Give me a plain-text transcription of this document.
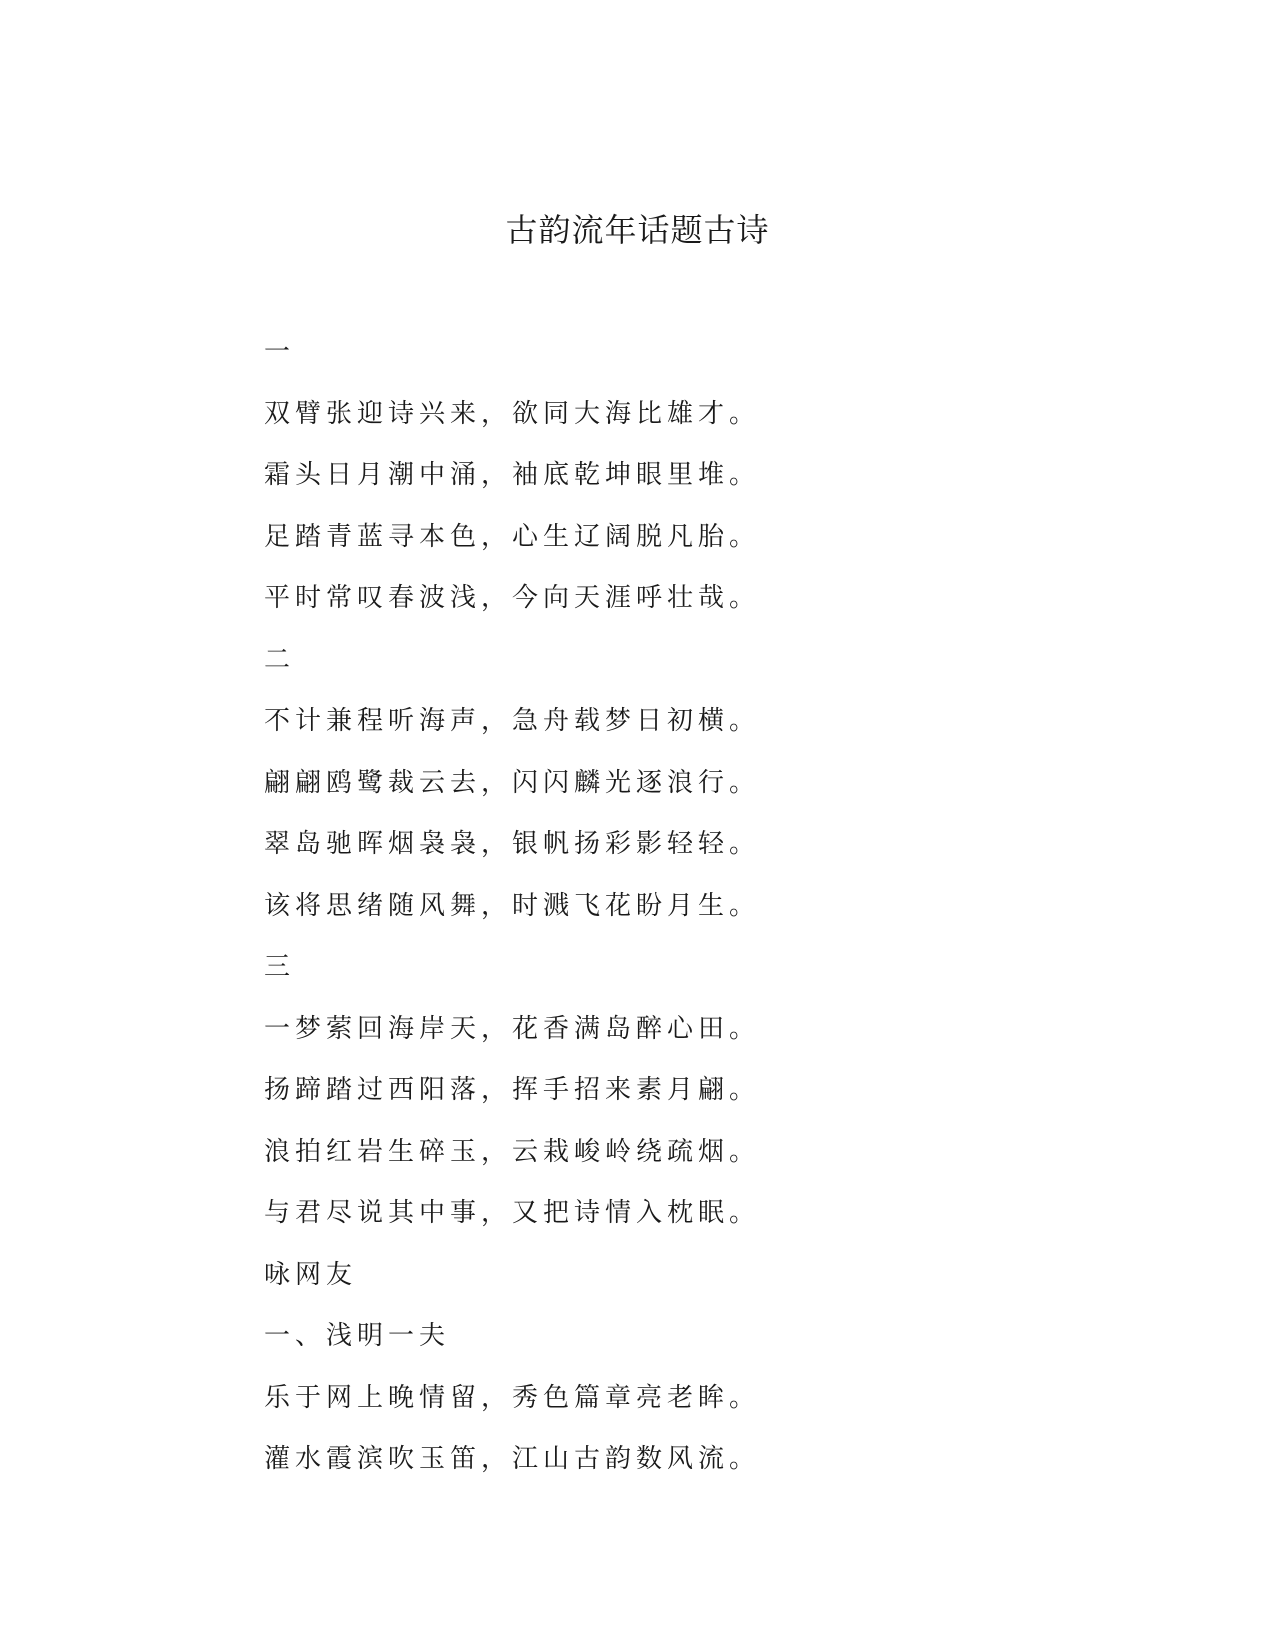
古韵流年话题古诗
一
双臂张迎诗兴来，欲同大海比雄才。
霜头日月潮中涌，袖底乾坤眼里堆。
足踏青蓝寻本色，心生辽阔脱凡胎。
平时常叹春波浅，今向天涯呼壮哉。
二
不计兼程听海声，急舟载梦日初横。
翩翩鸥鹭裁云去，闪闪麟光逐浪行。
翠岛驰晖烟袅袅，银帆扬彩影轻轻。
该将思绪随风舞，时溅飞花盼月生。
三
一梦萦回海岸天，花香满岛醉心田。
扬蹄踏过西阳落，挥手招来素月翩。
浪拍红岩生碎玉，云栽峻岭绕疏烟。
与君尽说其中事，又把诗情入枕眠。
咏网友
一、浅明一夫
乐于网上晚情留，秀色篇章亮老眸。
灌水霞滨吹玉笛，江山古韵数风流。
